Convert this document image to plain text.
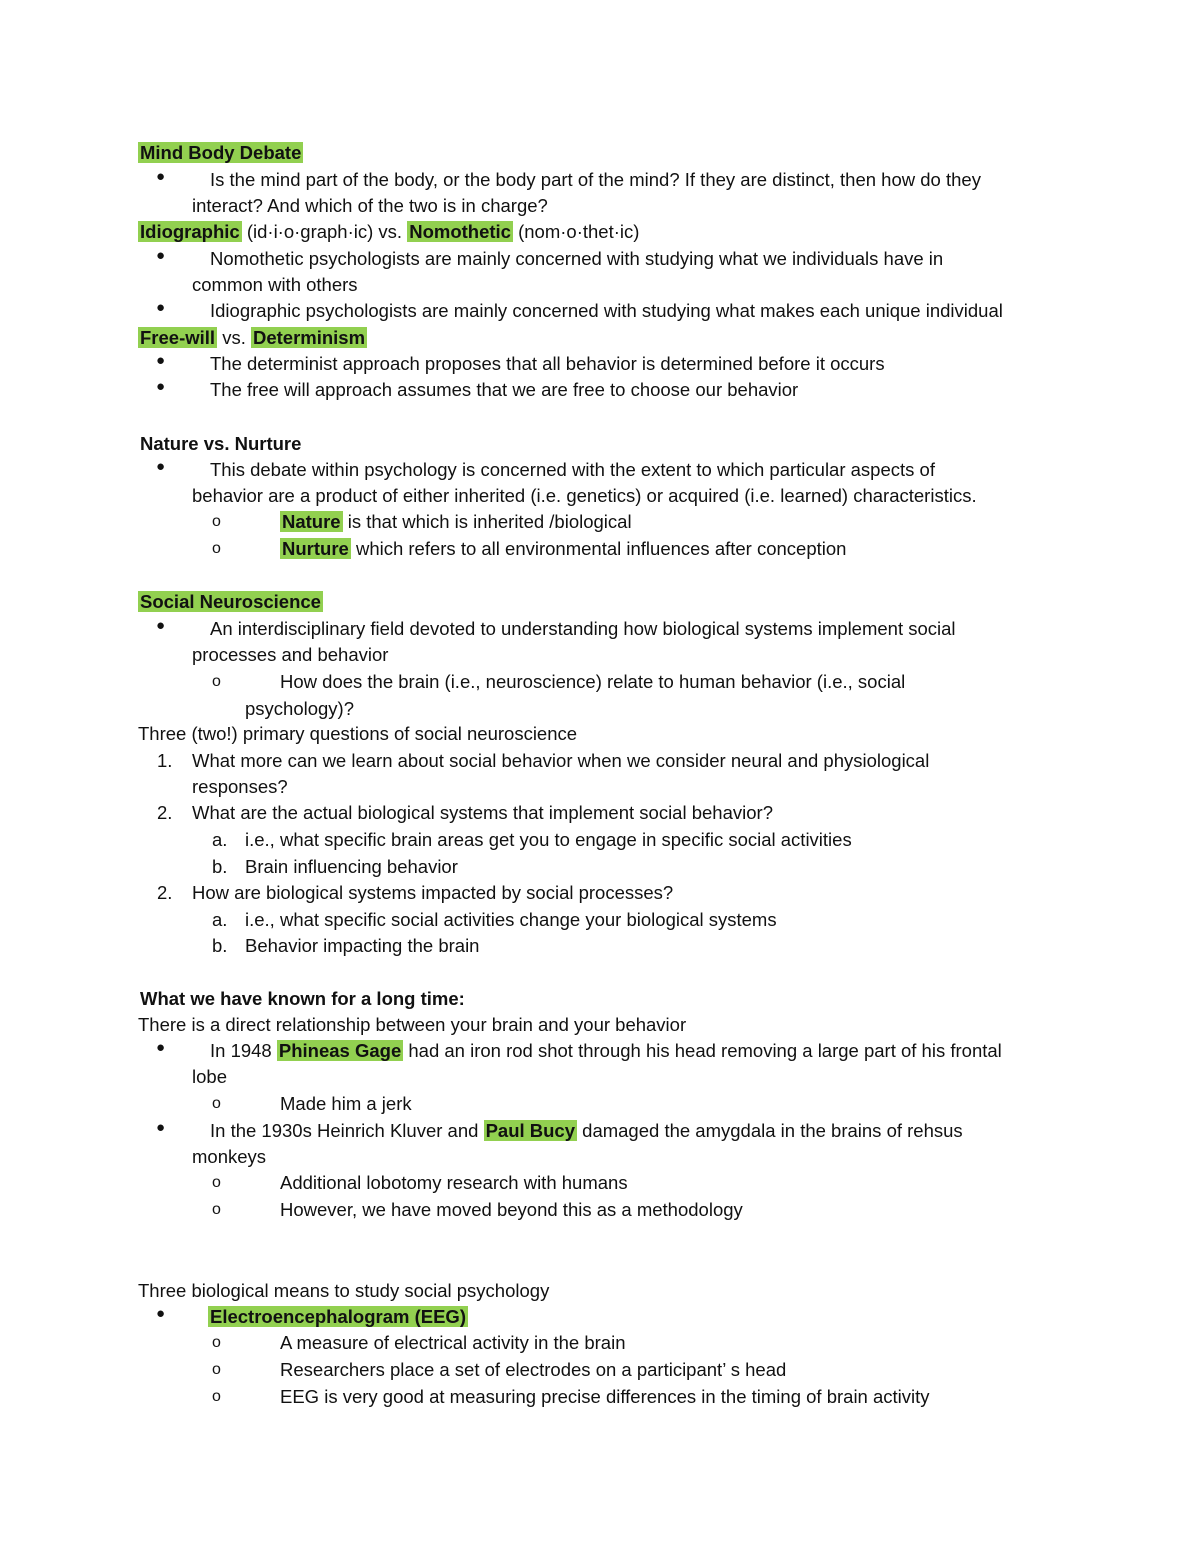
Mind Body Debate
● Is the mind part of the body, or the body part of the mind? If they are distinct, then how do they
interact? And which of the two is in charge?
Idiographic (id·i·o·graph·ic) vs. Nomothetic (nom·o·thet·ic)
● Nomothetic psychologists are mainly concerned with studying what we individuals have in
common with others
● Idiographic psychologists are mainly concerned with studying what makes each unique individual
Free-will vs. Determinism
● The determinist approach proposes that all behavior is determined before it occurs
● The free will approach assumes that we are free to choose our behavior
Nature vs. Nurture
● This debate within psychology is concerned with the extent to which particular aspects of
behavior are a product of either inherited (i.e. genetics) or acquired (i.e. learned) characteristics.
o	Nature is that which is inherited /biological
o	Nurture which refers to all environmental influences after conception
Social Neuroscience
● An interdisciplinary field devoted to understanding how biological systems implement social
processes and behavior
o	How does the brain (i.e., neuroscience) relate to human behavior (i.e., social
psychology)?
Three (two!) primary questions of social neuroscience
1. What more can we learn about social behavior when we consider neural and physiological
responses?
2. What are the actual biological systems that implement social behavior?
a. i.e., what specific brain areas get you to engage in specific social activities
b. Brain influencing behavior
2. How are biological systems impacted by social processes?
a. i.e., what specific social activities change your biological systems
b. Behavior impacting the brain
What we have known for a long time:
There is a direct relationship between your brain and your behavior
● In 1948 Phineas Gage had an iron rod shot through his head removing a large part of his frontal
lobe
o	Made him a jerk
● In the 1930s Heinrich Kluver and Paul Bucy damaged the amygdala in the brains of rehsus
monkeys
o	Additional lobotomy research with humans
o	However, we have moved beyond this as a methodology
Three biological means to study social psychology
● Electroencephalogram (EEG)
o	A measure of electrical activity in the brain
o	Researchers place a set of electrodes on a participant’ s head
o	EEG is very good at measuring precise differences in the timing of brain activity
